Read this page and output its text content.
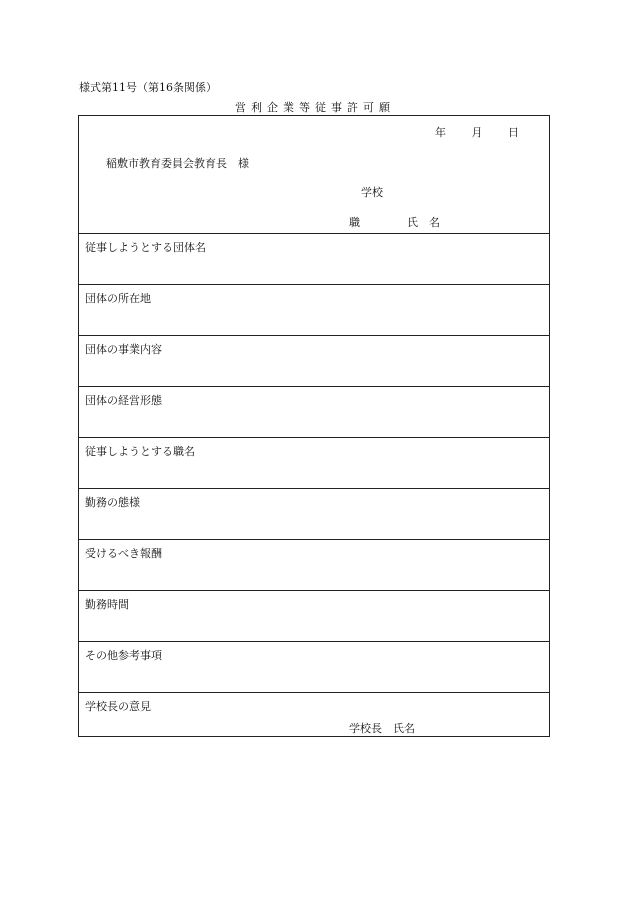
様式第11号（第16条関係）
営利企業等従事許可願
年 月 日
稲敷市教育委員会教育長　様
学校
職	氏　名
従事しようとする団体名
団体の所在地
団体の事業内容
団体の経営形態
従事しようとする職名
勤務の態様
受けるべき報酬
勤務時間
その他参考事項
学校長の意見
学校長　氏名
